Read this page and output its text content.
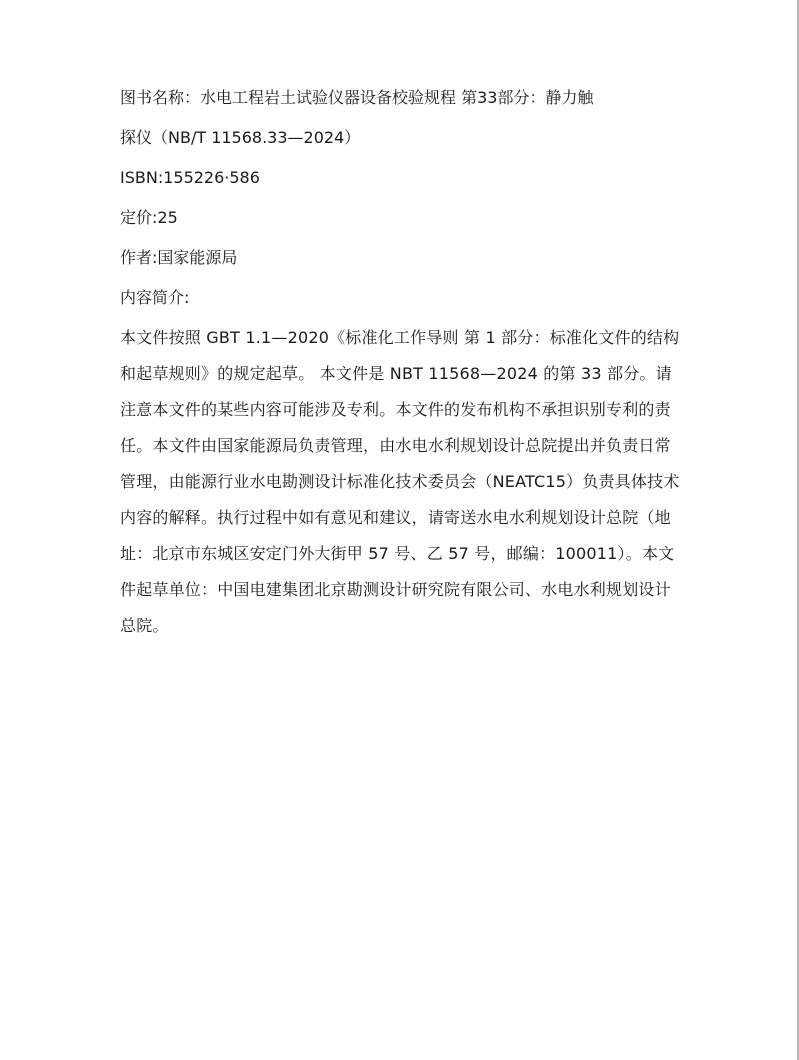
图书名称：水电工程岩土试验仪器设备校验规程 第33部分：静力触
探仪（NB/T 11568.33—2024）
ISBN:155226·586
定价:25
作者:国家能源局
内容简介:
本文件按照 GBT 1.1—2020《标准化工作导则 第 1 部分：标准化文件的结构和起草规则》的规定起草。 本文件是 NBT 11568—2024 的第 33 部分。请注意本文件的某些内容可能涉及专利。本文件的发布机构不承担识别专利的责任。本文件由国家能源局负责管理，由水电水利规划设计总院提出并负责日常管理，由能源行业水电勘测设计标准化技术委员会（NEATC15）负责具体技术内容的解释。执行过程中如有意见和建议，请寄送水电水利规划设计总院（地址：北京市东城区安定门外大街甲 57 号、乙 57 号，邮编：100011）。本文件起草单位：中国电建集团北京勘测设计研究院有限公司、水电水利规划设计总院。
